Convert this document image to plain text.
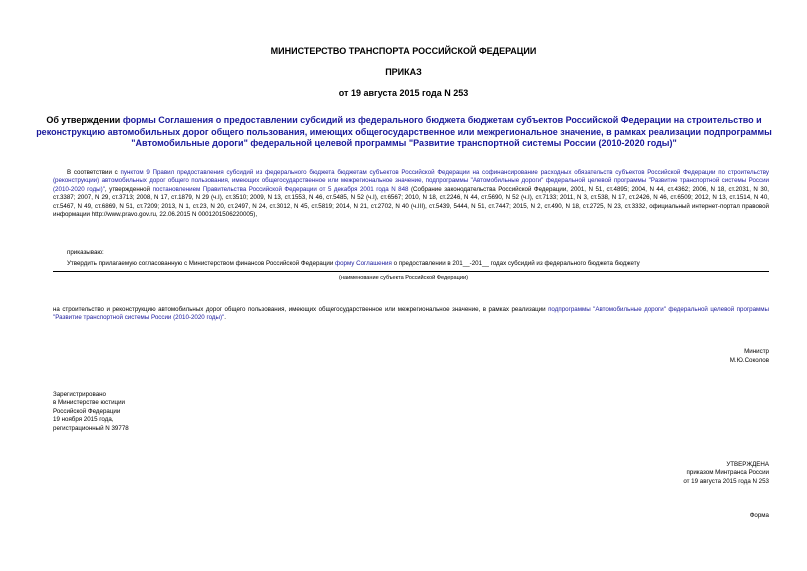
МИНИСТЕРСТВО ТРАНСПОРТА РОССИЙСКОЙ ФЕДЕРАЦИИ
ПРИКАЗ
от 19 августа 2015 года N 253
Об утверждении формы Соглашения о предоставлении субсидий из федерального бюджета бюджетам субъектов Российской Федерации на строительство и реконструкцию автомобильных дорог общего пользования, имеющих общегосударственное или межрегиональное значение, в рамках реализации подпрограммы "Автомобильные дороги" федеральной целевой программы "Развитие транспортной системы России (2010-2020 годы)"
В соответствии с пунктом 9 Правил предоставления субсидий из федерального бюджета бюджетам субъектов Российской Федерации на софинансирование расходных обязательств субъектов Российской Федерации по строительству (реконструкции) автомобильных дорог общего пользования, имеющих общегосударственное или межрегиональное значение, подпрограммы "Автомобильные дороги" федеральной целевой программы "Развитие транспортной системы России (2010-2020 годы)", утвержденной постановлением Правительства Российской Федерации от 5 декабря 2001 года N 848 (Собрание законодательства Российской Федерации, 2001, N 51, ст.4895; 2004, N 44, ст.4362; 2006, N 18, ст.2031, N 30, ст.3387; 2007, N 29, ст.3713; 2008, N 17, ст.1879, N 29 (ч.I), ст.3510; 2009, N 13, ст.1553, N 46, ст.5485, N 52 (ч.I), ст.6567; 2010, N 18, ст.2246, N 44, ст.5690, N 52 (ч.I), ст.7133; 2011, N 3, ст.538, N 17, ст.2426, N 46, ст.6509; 2012, N 13, ст.1514, N 40, ст.5467, N 49, ст.6869, N 51, ст.7209; 2013, N 1, ст.23, N 20, ст.2497, N 24, ст.3012, N 45, ст.5819; 2014, N 21, ст.2702, N 40 (ч.III), ст.5439, 5444, N 51, ст.7447; 2015, N 2, ст.490, N 18, ст.2725, N 23, ст.3332, официальный интернет-портал правовой информации http://www.pravo.gov.ru, 22.06.2015 N 0001201506220005),
приказываю:
Утвердить прилагаемую согласованную с Министерством финансов Российской Федерации форму Соглашения о предоставлении в 201__-201__ годах субсидий из федерального бюджета бюджету
(наименование субъекта Российской Федерации)
на строительство и реконструкцию автомобильных дорог общего пользования, имеющих общегосударственное или межрегиональное значение, в рамках реализации подпрограммы "Автомобильные дороги" федеральной целевой программы "Развитие транспортной системы России (2010-2020 годы)".
Министр
М.Ю.Соколов
Зарегистрировано
в Министерстве юстиции
Российской Федерации
19 ноября 2015 года,
регистрационный N 39778
УТВЕРЖДЕНА
приказом Минтранса России
от 19 августа 2015 года N 253
Форма
